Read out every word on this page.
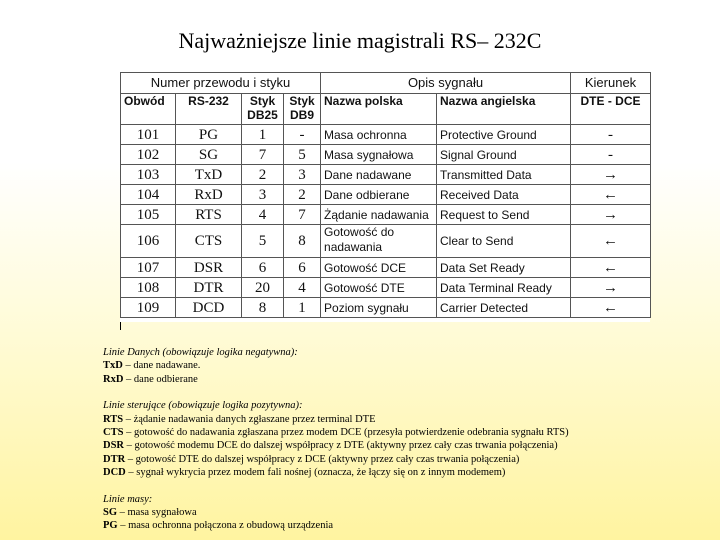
Najważniejsze linie magistrali RS– 232C
Numer przewodu i styku				Opis sygnału		Kierunek
Obwód	RS-232	Styk DB25	Styk DB9	Nazwa polska	Nazwa angielska	DTE - DCE
101	PG	1	-	Masa ochronna	Protective Ground	-
102	SG	7	5	Masa sygnałowa	Signal Ground	-
103	TxD	2	3	Dane nadawane	Transmitted Data	→
104	RxD	3	2	Dane odbierane	Received Data	←
105	RTS	4	7	Żądanie nadawania	Request to Send	→
106	CTS	5	8	Gotowość do nadawania	Clear to Send	←
107	DSR	6	6	Gotowość DCE	Data Set Ready	←
108	DTR	20	4	Gotowość DTE	Data Terminal Ready	→
109	DCD	8	1	Poziom sygnału	Carrier Detected	←
Linie Danych (obowiązuje logika negatywna):
TxD – dane nadawane.
RxD – dane odbierane
Linie sterujące (obowiązuje logika pozytywna):
RTS – żądanie nadawania danych zgłaszane przez terminal DTE
CTS – gotowość do nadawania zgłaszana przez modem DCE (przesyła potwierdzenie odebrania sygnału RTS)
DSR – gotowość modemu DCE do dalszej współpracy z DTE (aktywny przez cały czas trwania połączenia)
DTR – gotowość DTE do dalszej współpracy z DCE (aktywny przez cały czas trwania połączenia)
DCD – sygnał wykrycia przez modem fali nośnej (oznacza, że łączy się on z innym modemem)
Linie masy:
SG – masa sygnałowa
PG – masa ochronna połączona z obudową urządzenia
